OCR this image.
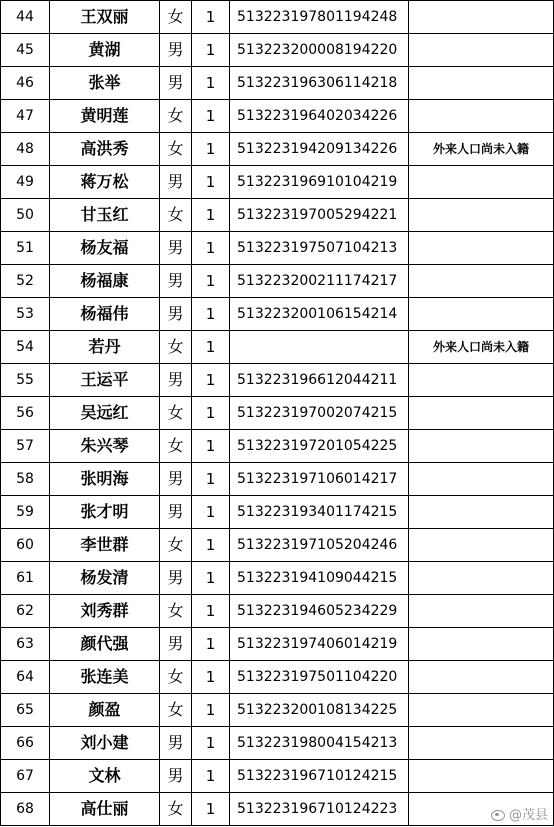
44	王双丽	女	1	513223197801194248	
45	黄湖	男	1	513223200008194220	
46	张举	男	1	513223196306114218	
47	黄明莲	女	1	513223196402034226	
48	高洪秀	女	1	513223194209134226	外来人口尚未入籍
49	蒋万松	男	1	513223196910104219	
50	甘玉红	女	1	513223197005294221	
51	杨友福	男	1	513223197507104213	
52	杨福康	男	1	513223200211174217	
53	杨福伟	男	1	513223200106154214	
54	若丹	女	1		外来人口尚未入籍
55	王运平	男	1	513223196612044211	
56	吴远红	女	1	513223197002074215	
57	朱兴琴	女	1	513223197201054225	
58	张明海	男	1	513223197106014217	
59	张才明	男	1	513223193401174215	
60	李世群	女	1	513223197105204246	
61	杨发清	男	1	513223194109044215	
62	刘秀群	女	1	513223194605234229	
63	颜代强	男	1	513223197406014219	
64	张连美	女	1	513223197501104220	
65	颜盈	女	1	513223200108134225	
66	刘小建	男	1	513223198004154213	
67	文林	男	1	513223196710124215	
68	高仕丽	女	1	513223196710124223		@茂县
